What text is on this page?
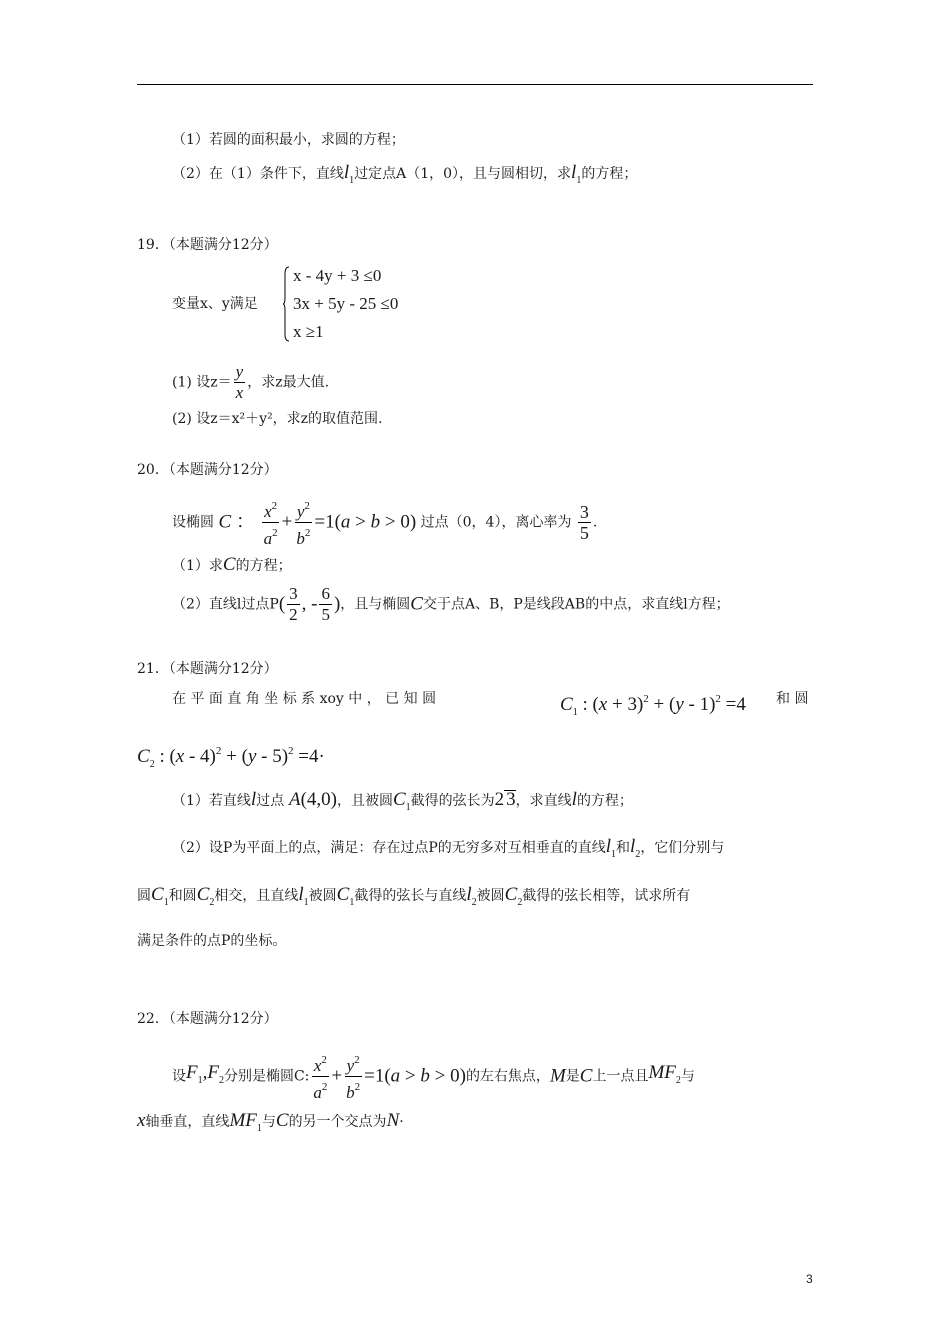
（1）若圆的面积最小，求圆的方程；
（2）在（1）条件下，直线$l_1$过定点A（1，0），且与圆相切，求$l_1$的方程；
19．（本题满分12分）
变量x、y满足
x - 4y + 3 ≤0
3x + 5y - 25 ≤0
x ≥1
(1) 设$z= \frac{y}{x}$ ，求z最大值.
(2) 设z＝x²＋y²，求z的取值范围.
20．（本题满分12分）
设椭圆 C ： $\frac{x^2}{a^2} + \frac{y^2}{b^2} =1(a > b > 0)$ 过点（0，4），离心率为 $\frac{3}{5}$ .
（1）求C的方程；
（2）直线l过点$P( \frac{3}{2}$ , - $\frac{6}{5}$ )，且与椭圆C交于点A、B，P是线段AB的中点，求直线l方程；
21．（本题满分12分）
在 平 面 直 角 坐 标 系 xoy 中 ， 已 知 圆	$C_1$ : $(x + 3)^2 + (y - 1)^2 =4$ 和 圆
$C_2$ : (x - 4)$^2$ + (y - 5)$^2$ =4·
（1）若直线l过点 A(4,0)，且被圆$C_1$截得的弦长为2 3，求直线l的方程；
（2）设P为平面上的点，满足：存在过点P的无穷多对互相垂直的直线$l_1$和$l_2$，它们分别与
圆$C_1$和圆$C_2$相交，且直线$l_1$被圆$C_1$截得的弦长与直线$l_2$被圆$C_2$截得的弦长相等，试求所有
满足条件的点P的坐标。
22．（本题满分12分）
设$F_1,F_2$分别是椭圆C: $\frac{x^2}{a^2} + \frac{y^2}{b^2} =1(a > b > 0)$的左右焦点，M是C上一点且$MF_2$与
x轴垂直，直线$MF_1$与C的另一个交点为N·
3
